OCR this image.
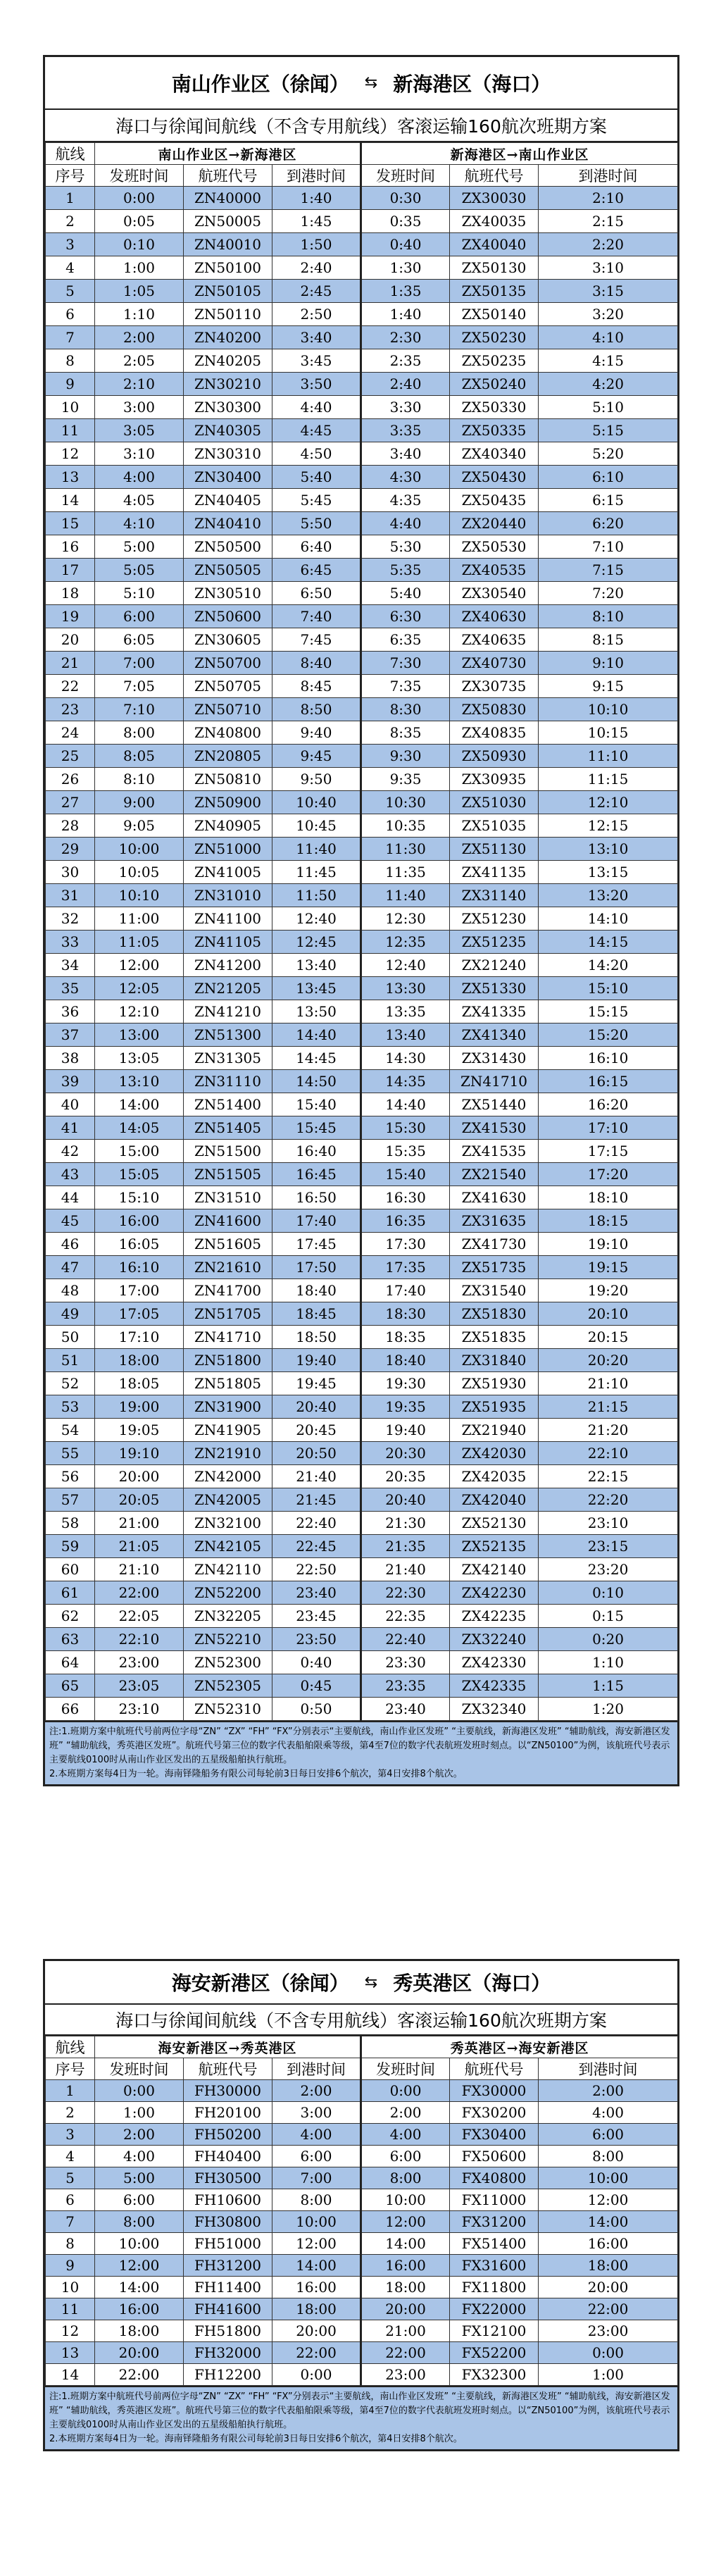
南山作业区（徐闻） ⇆ 新海港区（海口）
海口与徐闻间航线（不含专用航线）客滚运输160航次班期方案
航线	南山作业区→新海港区			新海港区→南山作业区		
序号	发班时间	航班代号	到港时间	发班时间	航班代号	到港时间
1	0:00	ZN40000	1:40	0:30	ZX30030	2:10
2	0:05	ZN50005	1:45	0:35	ZX40035	2:15
3	0:10	ZN40010	1:50	0:40	ZX40040	2:20
4	1:00	ZN50100	2:40	1:30	ZX50130	3:10
5	1:05	ZN50105	2:45	1:35	ZX50135	3:15
6	1:10	ZN50110	2:50	1:40	ZX50140	3:20
7	2:00	ZN40200	3:40	2:30	ZX50230	4:10
8	2:05	ZN40205	3:45	2:35	ZX50235	4:15
9	2:10	ZN30210	3:50	2:40	ZX50240	4:20
10	3:00	ZN30300	4:40	3:30	ZX50330	5:10
11	3:05	ZN40305	4:45	3:35	ZX50335	5:15
12	3:10	ZN30310	4:50	3:40	ZX40340	5:20
13	4:00	ZN30400	5:40	4:30	ZX50430	6:10
14	4:05	ZN40405	5:45	4:35	ZX50435	6:15
15	4:10	ZN40410	5:50	4:40	ZX20440	6:20
16	5:00	ZN50500	6:40	5:30	ZX50530	7:10
17	5:05	ZN50505	6:45	5:35	ZX40535	7:15
18	5:10	ZN30510	6:50	5:40	ZX30540	7:20
19	6:00	ZN50600	7:40	6:30	ZX40630	8:10
20	6:05	ZN30605	7:45	6:35	ZX40635	8:15
21	7:00	ZN50700	8:40	7:30	ZX40730	9:10
22	7:05	ZN50705	8:45	7:35	ZX30735	9:15
23	7:10	ZN50710	8:50	8:30	ZX50830	10:10
24	8:00	ZN40800	9:40	8:35	ZX40835	10:15
25	8:05	ZN20805	9:45	9:30	ZX50930	11:10
26	8:10	ZN50810	9:50	9:35	ZX30935	11:15
27	9:00	ZN50900	10:40	10:30	ZX51030	12:10
28	9:05	ZN40905	10:45	10:35	ZX51035	12:15
29	10:00	ZN51000	11:40	11:30	ZX51130	13:10
30	10:05	ZN41005	11:45	11:35	ZX41135	13:15
31	10:10	ZN31010	11:50	11:40	ZX31140	13:20
32	11:00	ZN41100	12:40	12:30	ZX51230	14:10
33	11:05	ZN41105	12:45	12:35	ZX51235	14:15
34	12:00	ZN41200	13:40	12:40	ZX21240	14:20
35	12:05	ZN21205	13:45	13:30	ZX51330	15:10
36	12:10	ZN41210	13:50	13:35	ZX41335	15:15
37	13:00	ZN51300	14:40	13:40	ZX41340	15:20
38	13:05	ZN31305	14:45	14:30	ZX31430	16:10
39	13:10	ZN31110	14:50	14:35	ZN41710	16:15
40	14:00	ZN51400	15:40	14:40	ZX51440	16:20
41	14:05	ZN51405	15:45	15:30	ZX41530	17:10
42	15:00	ZN51500	16:40	15:35	ZX41535	17:15
43	15:05	ZN51505	16:45	15:40	ZX21540	17:20
44	15:10	ZN31510	16:50	16:30	ZX41630	18:10
45	16:00	ZN41600	17:40	16:35	ZX31635	18:15
46	16:05	ZN51605	17:45	17:30	ZX41730	19:10
47	16:10	ZN21610	17:50	17:35	ZX51735	19:15
48	17:00	ZN41700	18:40	17:40	ZX31540	19:20
49	17:05	ZN51705	18:45	18:30	ZX51830	20:10
50	17:10	ZN41710	18:50	18:35	ZX51835	20:15
51	18:00	ZN51800	19:40	18:40	ZX31840	20:20
52	18:05	ZN51805	19:45	19:30	ZX51930	21:10
53	19:00	ZN31900	20:40	19:35	ZX51935	21:15
54	19:05	ZN41905	20:45	19:40	ZX21940	21:20
55	19:10	ZN21910	20:50	20:30	ZX42030	22:10
56	20:00	ZN42000	21:40	20:35	ZX42035	22:15
57	20:05	ZN42005	21:45	20:40	ZX42040	22:20
58	21:00	ZN32100	22:40	21:30	ZX52130	23:10
59	21:05	ZN42105	22:45	21:35	ZX52135	23:15
60	21:10	ZN42110	22:50	21:40	ZX42140	23:20
61	22:00	ZN52200	23:40	22:30	ZX42230	0:10
62	22:05	ZN32205	23:45	22:35	ZX42235	0:15
63	22:10	ZN52210	23:50	22:40	ZX32240	0:20
64	23:00	ZN52300	0:40	23:30	ZX42330	1:10
65	23:05	ZN52305	0:45	23:35	ZX42335	1:15
66	23:10	ZN52310	0:50	23:40	ZX32340	1:20

注:1.班期方案中航班代号前两位字母“ZN” “ZX” “FH” “FX”分别表示“主要航线，南山作业区发班” “主要航线，新海港区发班” “辅助航线，海安新港区发班” “辅助航线，秀英港区发班”。航班代号第三位的数字代表船舶限乘等级，第4至7位的数字代表航班发班时刻点。以“ZN50100”为例，该航班代号表示主要航线0100时从南山作业区发出的五星级船舶执行航班。

2.本班期方案每4日为一轮。海南铎隆船务有限公司每轮前3日每日安排6个航次，第4日安排8个航次。

海安新港区（徐闻） ⇆ 秀英港区（海口）
海口与徐闻间航线（不含专用航线）客滚运输160航次班期方案
航线	海安新港区→秀英港区			秀英港区→海安新港区		
序号	发班时间	航班代号	到港时间	发班时间	航班代号	到港时间
1	0:00	FH30000	2:00	0:00	FX30000	2:00
2	1:00	FH20100	3:00	2:00	FX30200	4:00
3	2:00	FH50200	4:00	4:00	FX30400	6:00
4	4:00	FH40400	6:00	6:00	FX50600	8:00
5	5:00	FH30500	7:00	8:00	FX40800	10:00
6	6:00	FH10600	8:00	10:00	FX11000	12:00
7	8:00	FH30800	10:00	12:00	FX31200	14:00
8	10:00	FH51000	12:00	14:00	FX51400	16:00
9	12:00	FH31200	14:00	16:00	FX31600	18:00
10	14:00	FH11400	16:00	18:00	FX11800	20:00
11	16:00	FH41600	18:00	20:00	FX22000	22:00
12	18:00	FH51800	20:00	21:00	FX12100	23:00
13	20:00	FH32000	22:00	22:00	FX52200	0:00
14	22:00	FH12200	0:00	23:00	FX32300	1:00

注:1.班期方案中航班代号前两位字母“ZN” “ZX” “FH” “FX”分别表示“主要航线，南山作业区发班” “主要航线，新海港区发班” “辅助航线，海安新港区发班” “辅助航线，秀英港区发班”。航班代号第三位的数字代表船舶限乘等级，第4至7位的数字代表航班发班时刻点。以“ZN50100”为例，该航班代号表示主要航线0100时从南山作业区发出的五星级船舶执行航班。

2.本班期方案每4日为一轮。海南铎隆船务有限公司每轮前3日每日安排6个航次，第4日安排8个航次。
